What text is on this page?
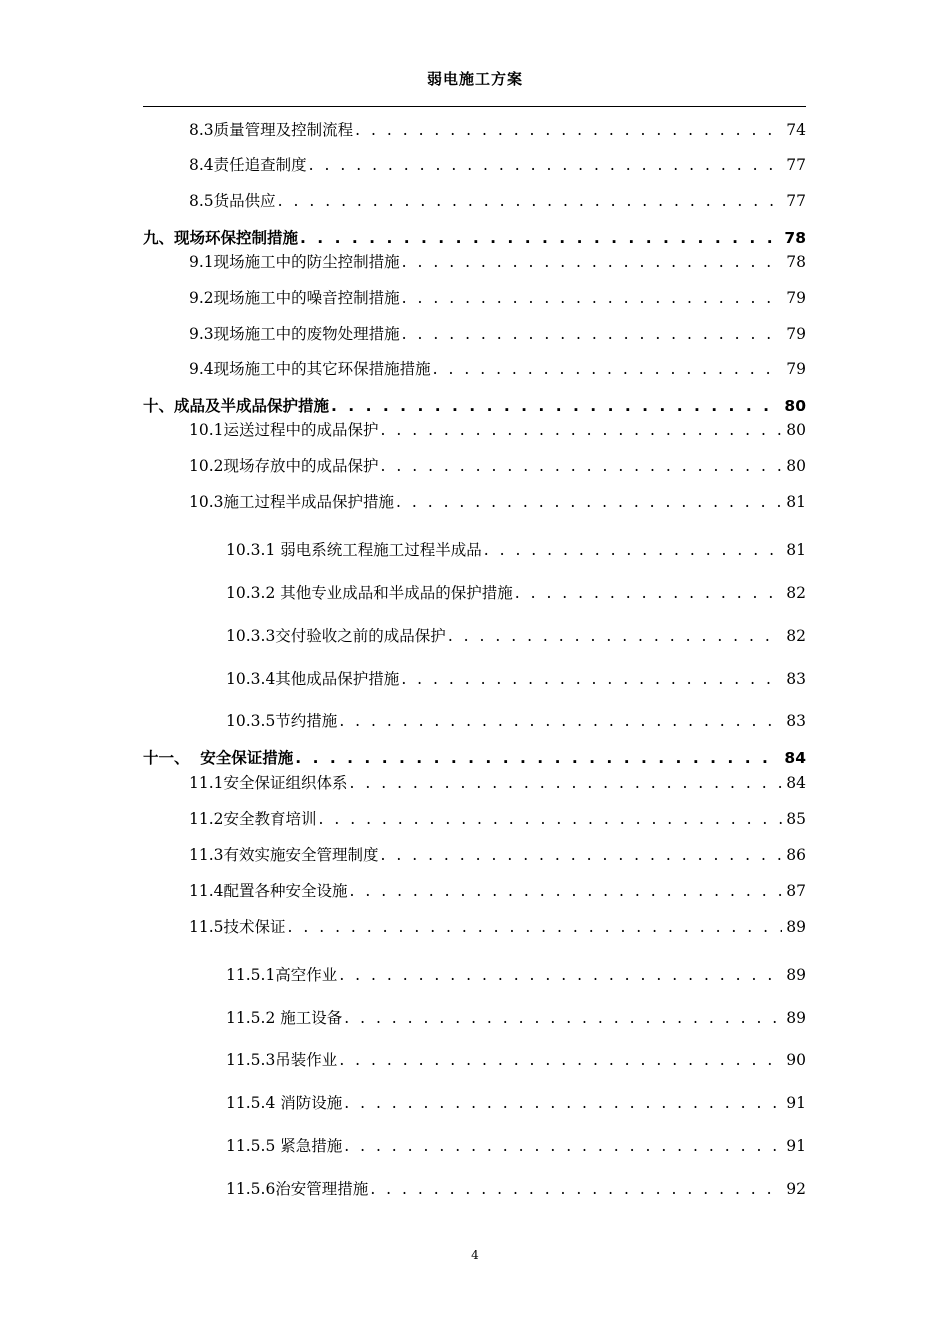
弱电施工方案
8.3质量管理及控制流程 . . .	74
8.4责任追查制度 . . .	77
8.5货品供应 . . .	77
九、现场环保控制措施 . . .	78
9.1现场施工中的防尘控制措施 . . .	78
9.2现场施工中的噪音控制措施 . . .	79
9.3现场施工中的废物处理措施 . . .	79
9.4现场施工中的其它环保措施措施 . . .	79
十、成品及半成品保护措施 . . .	80
10.1运送过程中的成品保护 . . .	80
10.2现场存放中的成品保护 . . .	80
10.3施工过程半成品保护措施 . . .	81
10.3.1 弱电系统工程施工过程半成品 . . .	81
10.3.2 其他专业成品和半成品的保护措施 . . .	82
10.3.3交付验收之前的成品保护 . . .	82
10.3.4其他成品保护措施 . . .	83
10.3.5节约措施 . . .	83
十一、  安全保证措施 . . .	84
11.1安全保证组织体系 . . .	84
11.2安全教育培训 . . .	85
11.3有效实施安全管理制度 . . .	86
11.4配置各种安全设施 . . .	87
11.5技术保证 . . .	89
11.5.1高空作业 . . .	89
11.5.2 施工设备 . . .	89
11.5.3吊装作业 . . .	90
11.5.4 消防设施 . . .	91
11.5.5 紧急措施 . . .	91
11.5.6治安管理措施 . . .	92
4
